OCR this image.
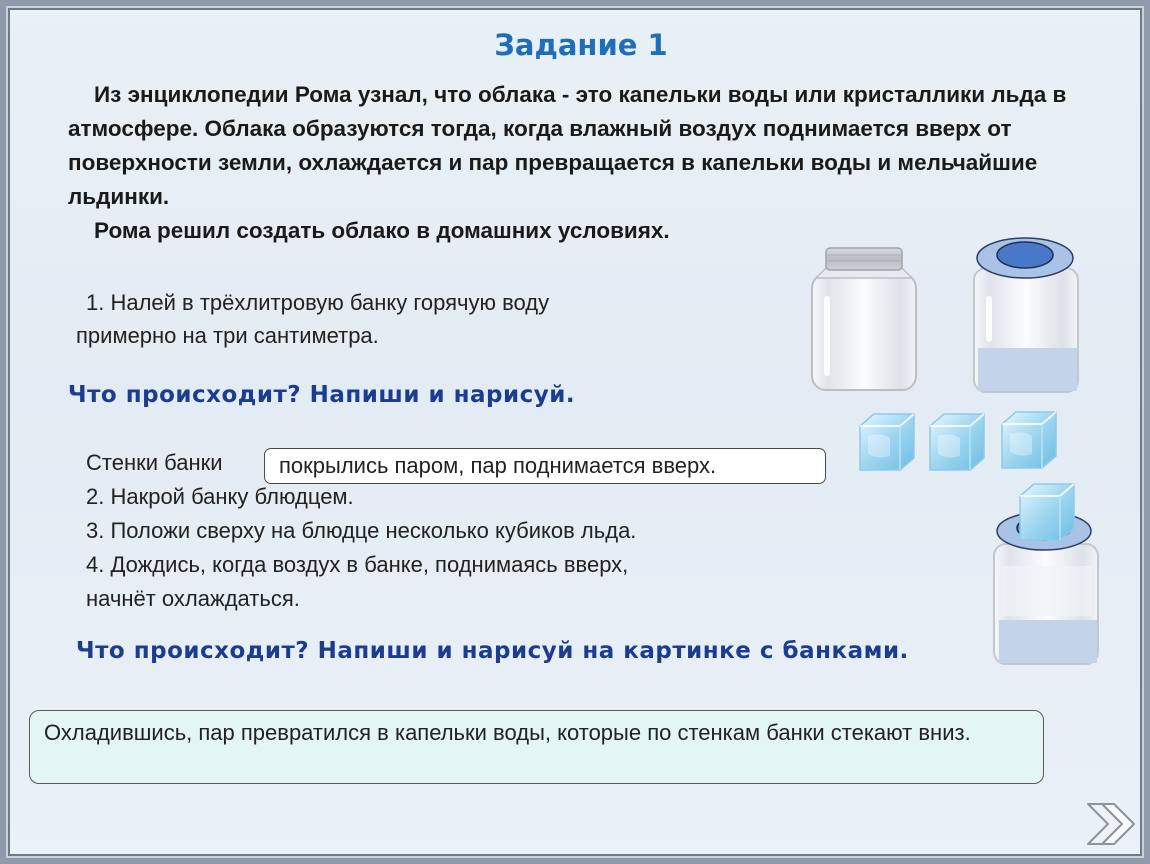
Задание 1

Из энциклопедии Рома узнал, что облака - это капельки воды или кристаллики льда в атмосфере. Облака образуются тогда, когда влажный воздух поднимается вверх от поверхности земли, охлаждается и пар превращается в капельки воды и мельчайшие льдинки.

Рома решил создать облако в домашних условиях.

1. Налей в трёхлитровую банку горячую воду
примерно на три сантиметра.
Что происходит? Напиши и нарисуй.
Стенки банки
2. Накрой банку блюдцем.
3. Положи сверху на блюдце несколько кубиков льда.
4. Дождись, когда воздух в банке, поднимаясь вверх,
начнёт охлаждаться.
покрылись паром, пар поднимается вверх.
Что происходит? Напиши и нарисуй на картинке с банками.
Охладившись, пар превратился в капельки воды, которые по стенкам банки стекают вниз.
